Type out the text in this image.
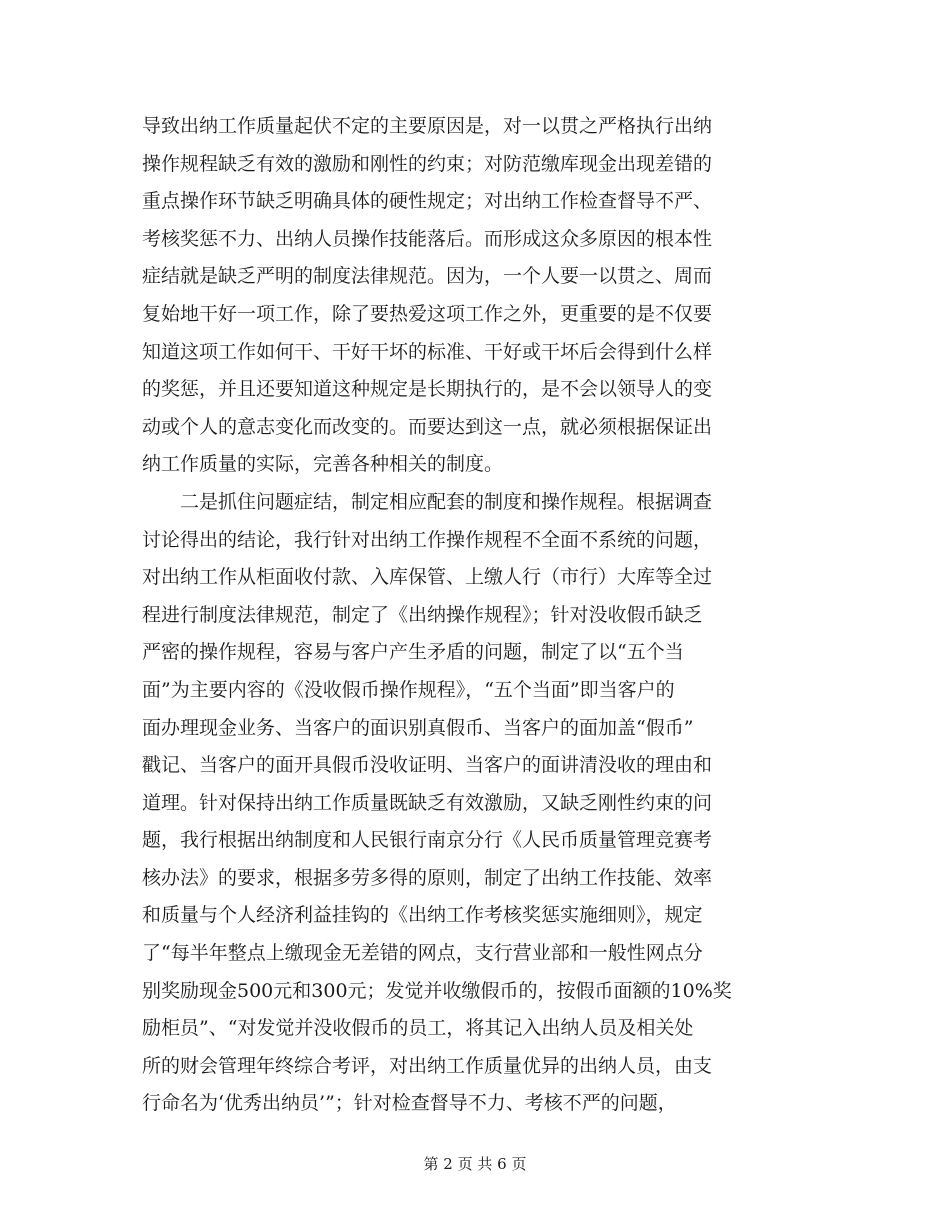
导致出纳工作质量起伏不定的主要原因是，对一以贯之严格执行出纳
操作规程缺乏有效的激励和刚性的约束；对防范缴库现金出现差错的
重点操作环节缺乏明确具体的硬性规定；对出纳工作检查督导不严、
考核奖惩不力、出纳人员操作技能落后。而形成这众多原因的根本性
症结就是缺乏严明的制度法律规范。因为，一个人要一以贯之、周而
复始地干好一项工作，除了要热爱这项工作之外，更重要的是不仅要
知道这项工作如何干、干好干坏的标准、干好或干坏后会得到什么样
的奖惩，并且还要知道这种规定是长期执行的，是不会以领导人的变
动或个人的意志变化而改变的。而要达到这一点，就必须根据保证出
纳工作质量的实际，完善各种相关的制度。
　　二是抓住问题症结，制定相应配套的制度和操作规程。根据调查
讨论得出的结论，我行针对出纳工作操作规程不全面不系统的问题，
对出纳工作从柜面收付款、入库保管、上缴人行（市行）大库等全过
程进行制度法律规范，制定了《出纳操作规程》；针对没收假币缺乏
严密的操作规程，容易与客户产生矛盾的问题，制定了以“五个当
面”为主要内容的《没收假币操作规程》，“五个当面”即当客户的
面办理现金业务、当客户的面识别真假币、当客户的面加盖“假币”
戳记、当客户的面开具假币没收证明、当客户的面讲清没收的理由和
道理。针对保持出纳工作质量既缺乏有效激励，又缺乏刚性约束的问
题，我行根据出纳制度和人民银行南京分行《人民币质量管理竞赛考
核办法》的要求，根据多劳多得的原则，制定了出纳工作技能、效率
和质量与个人经济利益挂钩的《出纳工作考核奖惩实施细则》，规定
了“每半年整点上缴现金无差错的网点，支行营业部和一般性网点分
别奖励现金500元和300元；发觉并收缴假币的，按假币面额的10%奖
励柜员”、“对发觉并没收假币的员工，将其记入出纳人员及相关处
所的财会管理年终综合考评，对出纳工作质量优异的出纳人员，由支
行命名为‘优秀出纳员’”；针对检查督导不力、考核不严的问题，
第 2 页 共 6 页
